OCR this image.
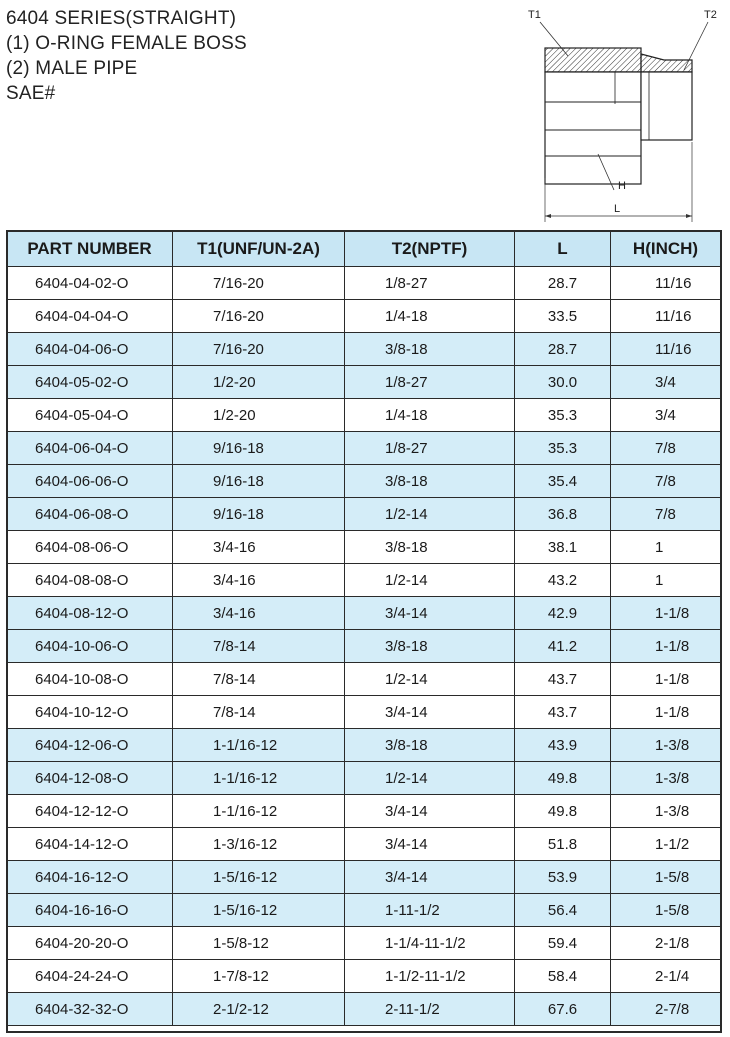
6404 SERIES(STRAIGHT)
(1) O-RING FEMALE BOSS
(2) MALE PIPE
SAE#
T1	T2
H
L
PART NUMBER	T1(UNF/UN-2A)	T2(NPTF)	L	H(INCH)
6404-04-02-O	7/16-20	1/8-27	28.7	11/16
6404-04-04-O	7/16-20	1/4-18	33.5	11/16
6404-04-06-O	7/16-20	3/8-18	28.7	11/16
6404-05-02-O	1/2-20	1/8-27	30.0	3/4
6404-05-04-O	1/2-20	1/4-18	35.3	3/4
6404-06-04-O	9/16-18	1/8-27	35.3	7/8
6404-06-06-O	9/16-18	3/8-18	35.4	7/8
6404-06-08-O	9/16-18	1/2-14	36.8	7/8
6404-08-06-O	3/4-16	3/8-18	38.1	1
6404-08-08-O	3/4-16	1/2-14	43.2	1
6404-08-12-O	3/4-16	3/4-14	42.9	1-1/8
6404-10-06-O	7/8-14	3/8-18	41.2	1-1/8
6404-10-08-O	7/8-14	1/2-14	43.7	1-1/8
6404-10-12-O	7/8-14	3/4-14	43.7	1-1/8
6404-12-06-O	1-1/16-12	3/8-18	43.9	1-3/8
6404-12-08-O	1-1/16-12	1/2-14	49.8	1-3/8
6404-12-12-O	1-1/16-12	3/4-14	49.8	1-3/8
6404-14-12-O	1-3/16-12	3/4-14	51.8	1-1/2
6404-16-12-O	1-5/16-12	3/4-14	53.9	1-5/8
6404-16-16-O	1-5/16-12	1-11-1/2	56.4	1-5/8
6404-20-20-O	1-5/8-12	1-1/4-11-1/2	59.4	2-1/8
6404-24-24-O	1-7/8-12	1-1/2-11-1/2	58.4	2-1/4
6404-32-32-O	2-1/2-12	2-11-1/2	67.6	2-7/8
